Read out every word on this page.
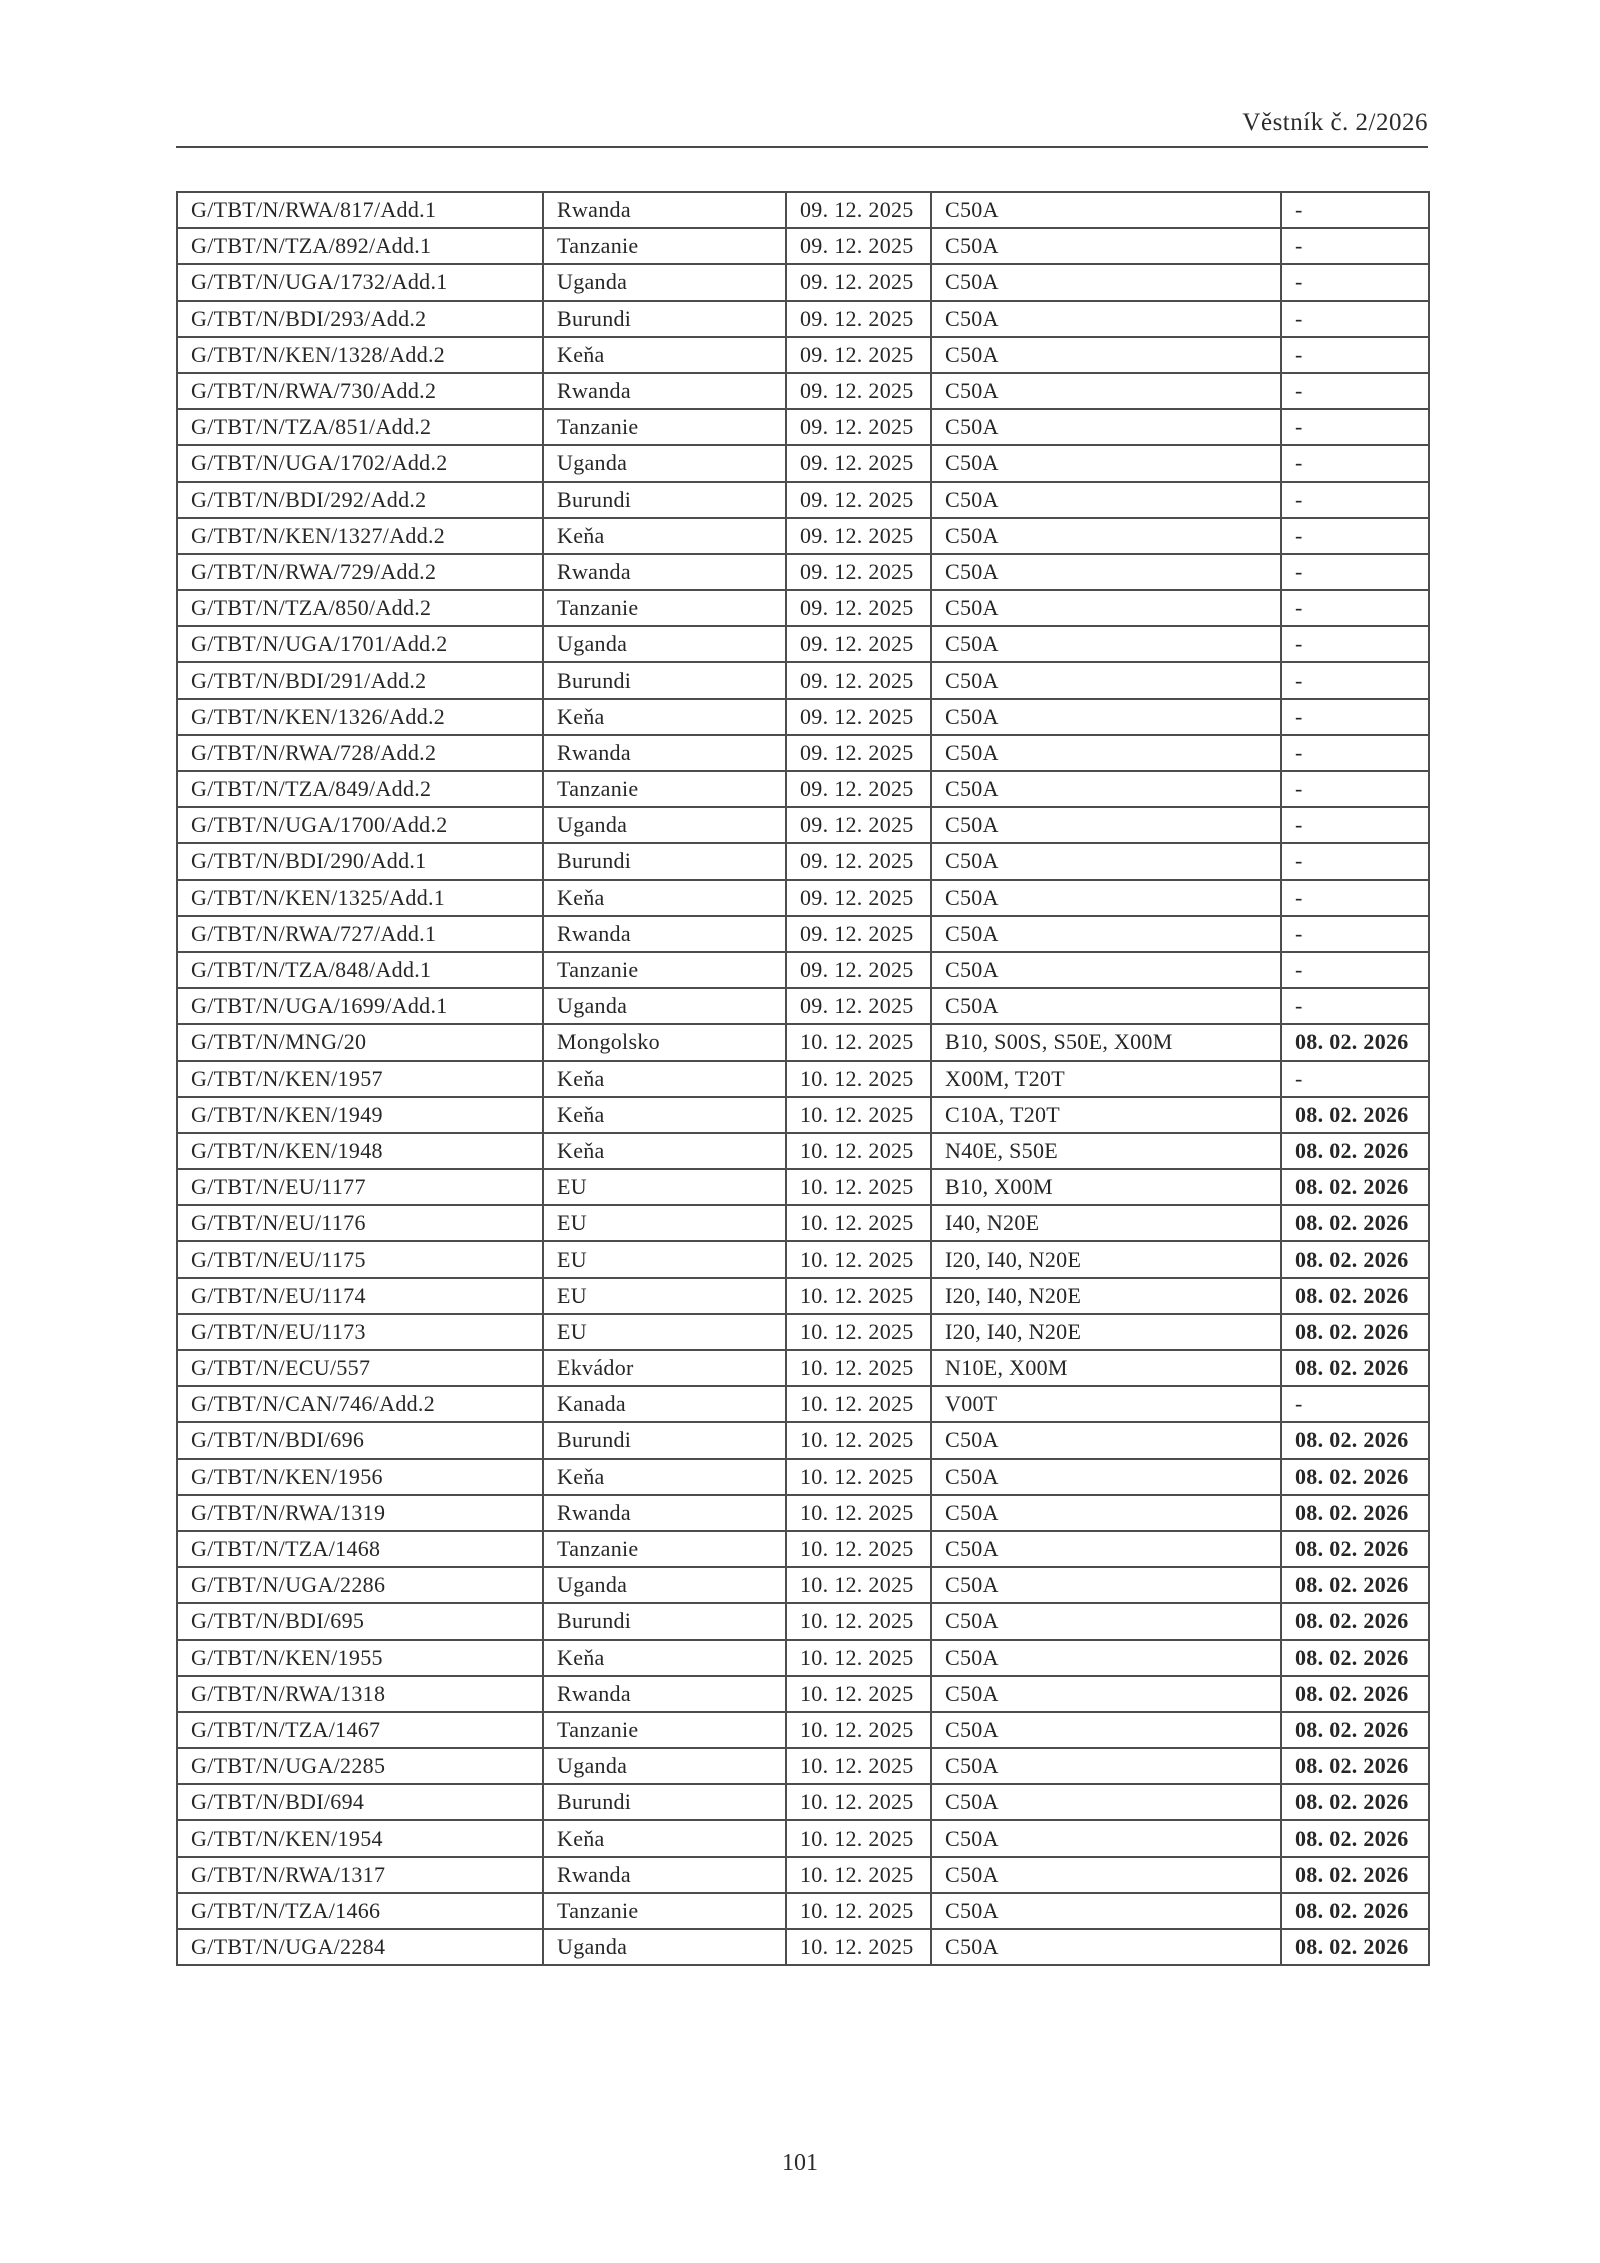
Věstník č. 2/2026
G/TBT/N/RWA/817/Add.1	Rwanda	09. 12. 2025	C50A	-
G/TBT/N/TZA/892/Add.1	Tanzanie	09. 12. 2025	C50A	-
G/TBT/N/UGA/1732/Add.1	Uganda	09. 12. 2025	C50A	-
G/TBT/N/BDI/293/Add.2	Burundi	09. 12. 2025	C50A	-
G/TBT/N/KEN/1328/Add.2	Keňa	09. 12. 2025	C50A	-
G/TBT/N/RWA/730/Add.2	Rwanda	09. 12. 2025	C50A	-
G/TBT/N/TZA/851/Add.2	Tanzanie	09. 12. 2025	C50A	-
G/TBT/N/UGA/1702/Add.2	Uganda	09. 12. 2025	C50A	-
G/TBT/N/BDI/292/Add.2	Burundi	09. 12. 2025	C50A	-
G/TBT/N/KEN/1327/Add.2	Keňa	09. 12. 2025	C50A	-
G/TBT/N/RWA/729/Add.2	Rwanda	09. 12. 2025	C50A	-
G/TBT/N/TZA/850/Add.2	Tanzanie	09. 12. 2025	C50A	-
G/TBT/N/UGA/1701/Add.2	Uganda	09. 12. 2025	C50A	-
G/TBT/N/BDI/291/Add.2	Burundi	09. 12. 2025	C50A	-
G/TBT/N/KEN/1326/Add.2	Keňa	09. 12. 2025	C50A	-
G/TBT/N/RWA/728/Add.2	Rwanda	09. 12. 2025	C50A	-
G/TBT/N/TZA/849/Add.2	Tanzanie	09. 12. 2025	C50A	-
G/TBT/N/UGA/1700/Add.2	Uganda	09. 12. 2025	C50A	-
G/TBT/N/BDI/290/Add.1	Burundi	09. 12. 2025	C50A	-
G/TBT/N/KEN/1325/Add.1	Keňa	09. 12. 2025	C50A	-
G/TBT/N/RWA/727/Add.1	Rwanda	09. 12. 2025	C50A	-
G/TBT/N/TZA/848/Add.1	Tanzanie	09. 12. 2025	C50A	-
G/TBT/N/UGA/1699/Add.1	Uganda	09. 12. 2025	C50A	-
G/TBT/N/MNG/20	Mongolsko	10. 12. 2025	B10, S00S, S50E, X00M	08. 02. 2026
G/TBT/N/KEN/1957	Keňa	10. 12. 2025	X00M, T20T	-
G/TBT/N/KEN/1949	Keňa	10. 12. 2025	C10A, T20T	08. 02. 2026
G/TBT/N/KEN/1948	Keňa	10. 12. 2025	N40E, S50E	08. 02. 2026
G/TBT/N/EU/1177	EU	10. 12. 2025	B10, X00M	08. 02. 2026
G/TBT/N/EU/1176	EU	10. 12. 2025	I40, N20E	08. 02. 2026
G/TBT/N/EU/1175	EU	10. 12. 2025	I20, I40, N20E	08. 02. 2026
G/TBT/N/EU/1174	EU	10. 12. 2025	I20, I40, N20E	08. 02. 2026
G/TBT/N/EU/1173	EU	10. 12. 2025	I20, I40, N20E	08. 02. 2026
G/TBT/N/ECU/557	Ekvádor	10. 12. 2025	N10E, X00M	08. 02. 2026
G/TBT/N/CAN/746/Add.2	Kanada	10. 12. 2025	V00T	-
G/TBT/N/BDI/696	Burundi	10. 12. 2025	C50A	08. 02. 2026
G/TBT/N/KEN/1956	Keňa	10. 12. 2025	C50A	08. 02. 2026
G/TBT/N/RWA/1319	Rwanda	10. 12. 2025	C50A	08. 02. 2026
G/TBT/N/TZA/1468	Tanzanie	10. 12. 2025	C50A	08. 02. 2026
G/TBT/N/UGA/2286	Uganda	10. 12. 2025	C50A	08. 02. 2026
G/TBT/N/BDI/695	Burundi	10. 12. 2025	C50A	08. 02. 2026
G/TBT/N/KEN/1955	Keňa	10. 12. 2025	C50A	08. 02. 2026
G/TBT/N/RWA/1318	Rwanda	10. 12. 2025	C50A	08. 02. 2026
G/TBT/N/TZA/1467	Tanzanie	10. 12. 2025	C50A	08. 02. 2026
G/TBT/N/UGA/2285	Uganda	10. 12. 2025	C50A	08. 02. 2026
G/TBT/N/BDI/694	Burundi	10. 12. 2025	C50A	08. 02. 2026
G/TBT/N/KEN/1954	Keňa	10. 12. 2025	C50A	08. 02. 2026
G/TBT/N/RWA/1317	Rwanda	10. 12. 2025	C50A	08. 02. 2026
G/TBT/N/TZA/1466	Tanzanie	10. 12. 2025	C50A	08. 02. 2026
G/TBT/N/UGA/2284	Uganda	10. 12. 2025	C50A	08. 02. 2026
101
